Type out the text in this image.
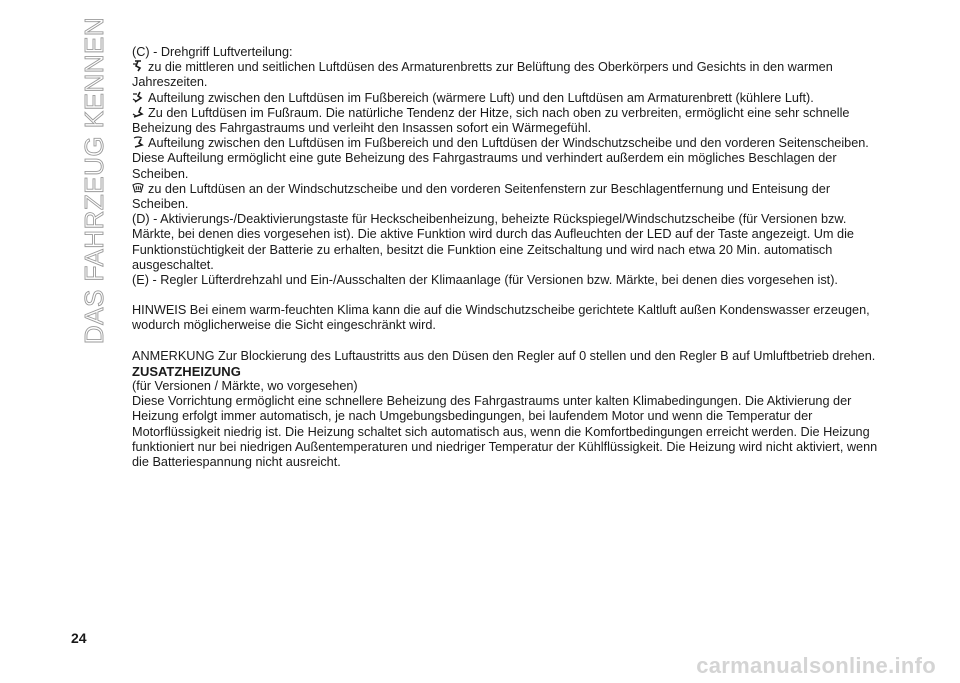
DAS FAHRZEUG KENNEN (C) - Drehgriff Luftverteilung:

zu die mittleren und seitlichen Luftdüsen des Armaturenbretts zur Belüftung des Oberkörpers und Gesichts in den warmen Jahreszeiten.

Aufteilung zwischen den Luftdüsen im Fußbereich (wärmere Luft) und den Luftdüsen am Armaturenbrett (kühlere Luft).

Zu den Luftdüsen im Fußraum. Die natürliche Tendenz der Hitze, sich nach oben zu verbreiten, ermöglicht eine sehr schnelle Beheizung des Fahrgastraums und verleiht den Insassen sofort ein Wärmegefühl.

Aufteilung zwischen den Luftdüsen im Fußbereich und den Luftdüsen der Windschutzscheibe und den vorderen Seitenscheiben. Diese Aufteilung ermöglicht eine gute Beheizung des Fahrgastraums und verhindert außerdem ein mögliches Beschlagen der Scheiben.

zu den Luftdüsen an der Windschutzscheibe und den vorderen Seitenfenstern zur Beschlagentfernung und Enteisung der Scheiben.

(D) - Aktivierungs-/Deaktivierungstaste für Heckscheibenheizung, beheizte Rückspiegel/Windschutzscheibe (für Versionen bzw. Märkte, bei denen dies vorgesehen ist). Die aktive Funktion wird durch das Aufleuchten der LED auf der Taste angezeigt. Um die Funktionstüchtigkeit der Batterie zu erhalten, besitzt die Funktion eine Zeitschaltung und wird nach etwa 20 Min. automatisch ausgeschaltet.

(E) - Regler Lüfterdrehzahl und Ein-/Ausschalten der Klimaanlage (für Versionen bzw. Märkte, bei denen dies vorgesehen ist).

HINWEIS Bei einem warm-feuchten Klima kann die auf die Windschutzscheibe gerichtete Kaltluft außen Kondenswasser erzeugen, wodurch möglicherweise die Sicht eingeschränkt wird.

ANMERKUNG Zur Blockierung des Luftaustritts aus den Düsen den Regler auf 0 stellen und den Regler B auf Umluftbetrieb drehen.

ZUSATZHEIZUNG

(für Versionen / Märkte, wo vorgesehen)

Diese Vorrichtung ermöglicht eine schnellere Beheizung des Fahrgastraums unter kalten Klimabedingungen. Die Aktivierung der Heizung erfolgt immer automatisch, je nach Umgebungsbedingungen, bei laufendem Motor und wenn die Temperatur der Motorflüssigkeit niedrig ist. Die Heizung schaltet sich automatisch aus, wenn die Komfortbedingungen erreicht werden. Die Heizung funktioniert nur bei niedrigen Außentemperaturen und niedriger Temperatur der Kühlflüssigkeit. Die Heizung wird nicht aktiviert, wenn die Batteriespannung nicht ausreicht.

24
carmanualsonline.info
